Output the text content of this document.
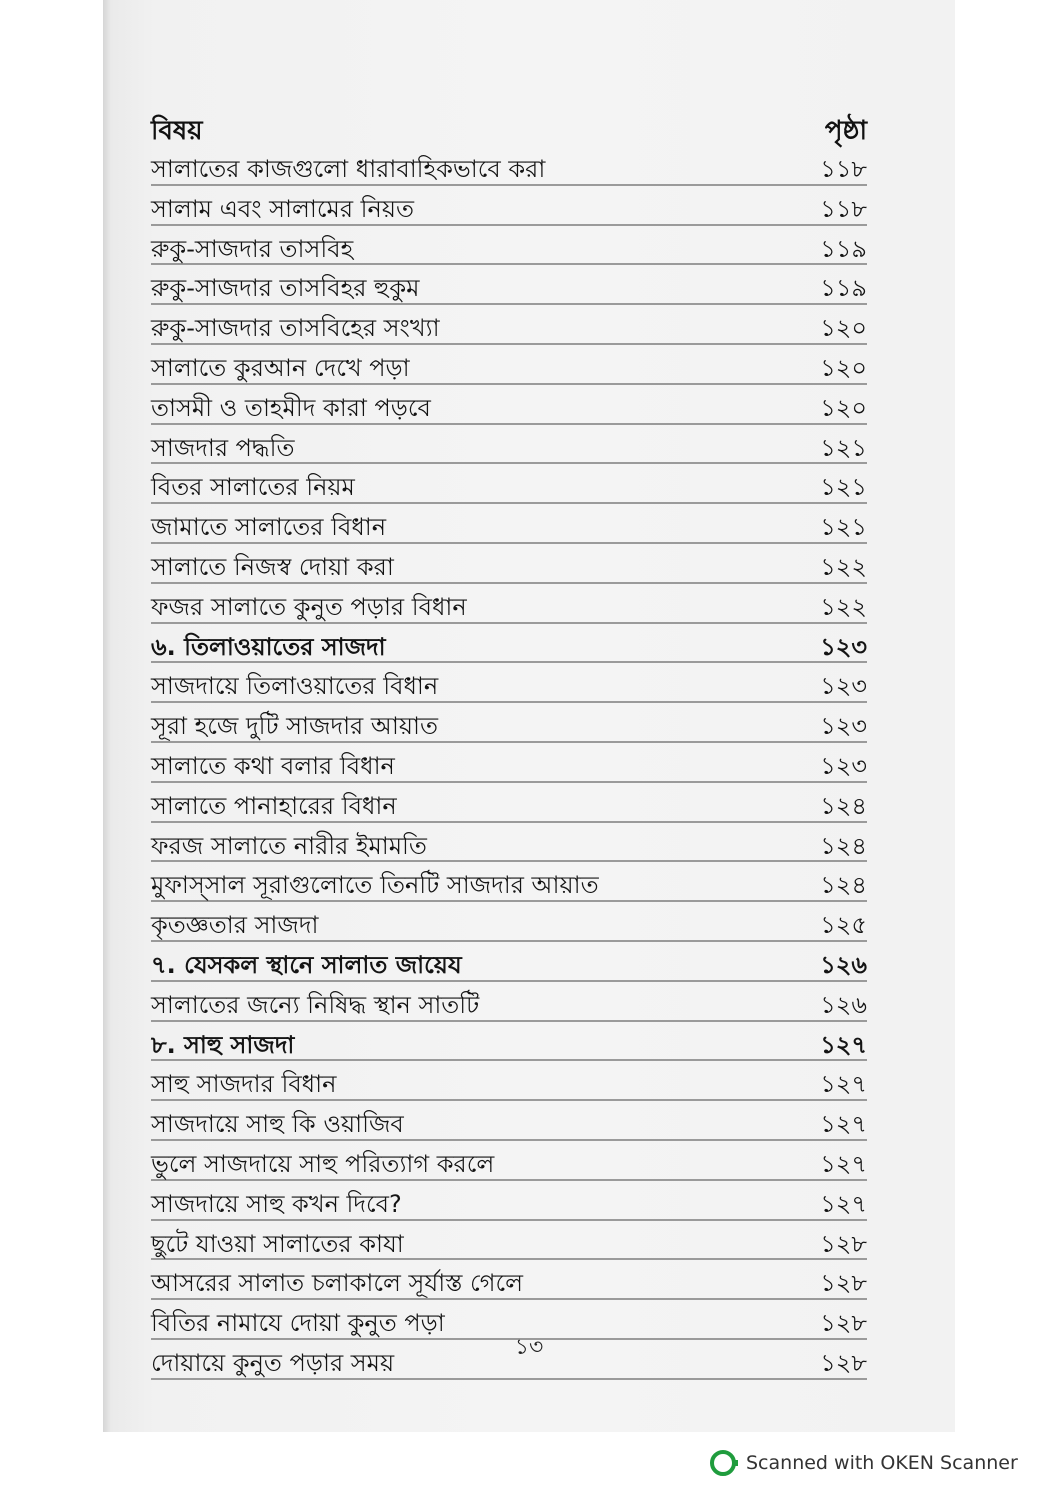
বিষয়	পৃষ্ঠা
সালাতের কাজগুলো ধারাবাহিকভাবে করা	১১৮
সালাম এবং সালামের নিয়ত	১১৮
রুকু-সাজদার তাসবিহ	১১৯
রুকু-সাজদার তাসবিহর হুকুম	১১৯
রুকু-সাজদার তাসবিহের সংখ্যা	১২০
সালাতে কুরআন দেখে পড়া	১২০
তাসমী ও তাহমীদ কারা পড়বে	১২০
সাজদার পদ্ধতি	১২১
বিতর সালাতের নিয়ম	১২১
জামাতে সালাতের বিধান	১২১
সালাতে নিজস্ব দোয়া করা	১২২
ফজর সালাতে কুনুত পড়ার বিধান	১২২
৬. তিলাওয়াতের সাজদা	১২৩
সাজদায়ে তিলাওয়াতের বিধান	১২৩
সূরা হজে দুটি সাজদার আয়াত	১২৩
সালাতে কথা বলার বিধান	১২৩
সালাতে পানাহারের বিধান	১২৪
ফরজ সালাতে নারীর ইমামতি	১২৪
মুফাস্সাল সূরাগুলোতে তিনটি সাজদার আয়াত	১২৪
কৃতজ্ঞতার সাজদা	১২৫
৭. যেসকল স্থানে সালাত জায়েয	১২৬
সালাতের জন্যে নিষিদ্ধ স্থান সাতটি	১২৬
৮. সাহু সাজদা	১২৭
সাহু সাজদার বিধান	১২৭
সাজদায়ে সাহু কি ওয়াজিব	১২৭
ভুলে সাজদায়ে সাহু পরিত্যাগ করলে	১২৭
সাজদায়ে সাহু কখন দিবে?	১২৭
ছুটে যাওয়া সালাতের কাযা	১২৮
আসরের সালাত চলাকালে সূর্যাস্ত গেলে	১২৮
বিতির নামাযে দোয়া কুনুত পড়া	১২৮
দোয়ায়ে কুনুত পড়ার সময়	১২৮
১৩
Scanned with OKEN Scanner
